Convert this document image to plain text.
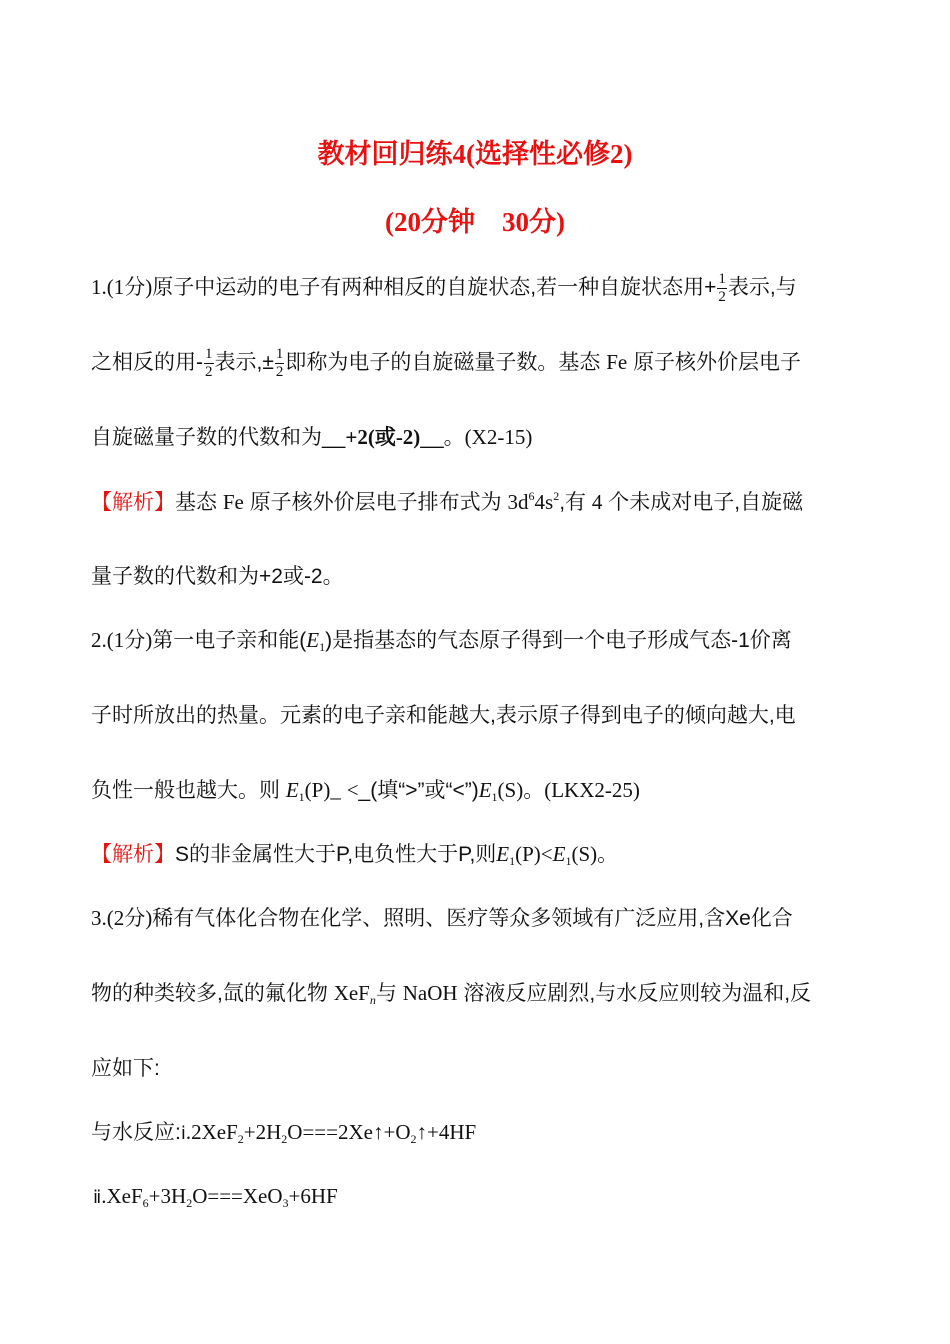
教材回归练4(选择性必修2)
(20分钟　30分)
1.(1分)原子中运动的电子有两种相反的自旋状态,若一种自旋状态用+ $\frac{1}{2}$ 表示,与
之相反的用- $\frac{1}{2}$ 表示,± $\frac{1}{2}$ 即称为电子的自旋磁量子数。基态 Fe 原子核外价层电子
自旋磁量子数的代数和为__+2(或-2)__。(X2-15)
【解析】基态 Fe 原子核外价层电子排布式为 $3d^64s^2$,有 4 个未成对电子,自旋磁
量子数的代数和为+2或-2。
2.(1分)第一电子亲和能$(E_1)$是指基态的气态原子得到一个电子形成气态-1价离
子时所放出的热量。元素的电子亲和能越大,表示原子得到电子的倾向越大,电
负性一般也越大。则 $E_1(P)\_$ <_(填“>”或“$<”)E_1(S)$。(LKX2-25)
【解析】S的非金属性大于P,电负性大于P,则$E_1(P)<E_1(S)$。
3.(2分)稀有气体化合物在化学、照明、医疗等众多领域有广泛应用,含Xe化合
物的种类较多,氙的氟化物 XeF$_n$与 NaOH 溶液反应剧烈,与水反应则较为温和,反
应如下:
与水反应$:ⅰ.2XeF_2+2H_2O===2Xe↑+O_2↑+4HF$
$ⅱ.XeF_6+3H_2O===XeO_3+6HF$
